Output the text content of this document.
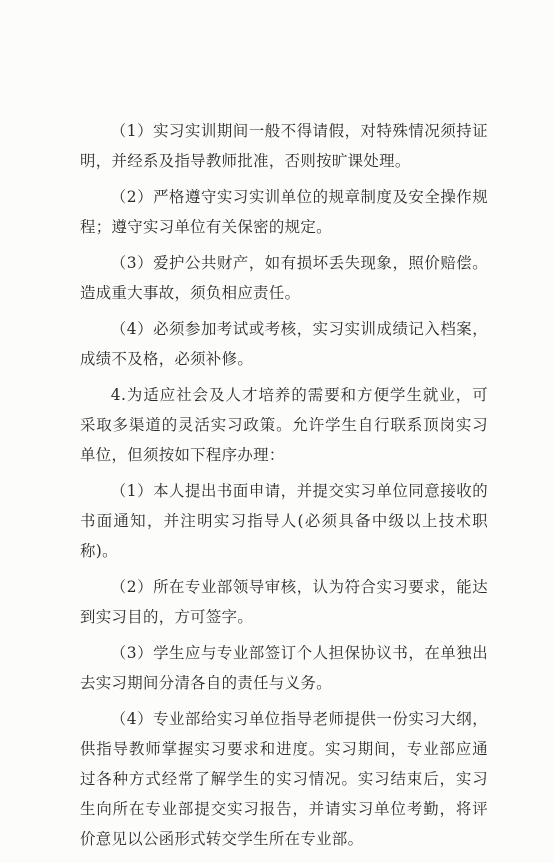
（1）实习实训期间一般不得请假，对特殊情况须持证明，并经系及指导教师批准，否则按旷课处理。

（2）严格遵守实习实训单位的规章制度及安全操作规程；遵守实习单位有关保密的规定。

（3）爱护公共财产，如有损坏丢失现象，照价赔偿。造成重大事故，须负相应责任。

（4）必须参加考试或考核，实习实训成绩记入档案，成绩不及格，必须补修。

4.为适应社会及人才培养的需要和方便学生就业，可采取多渠道的灵活实习政策。允许学生自行联系顶岗实习单位，但须按如下程序办理：

（1）本人提出书面申请，并提交实习单位同意接收的书面通知，并注明实习指导人(必须具备中级以上技术职称)。

（2）所在专业部领导审核，认为符合实习要求，能达到实习目的，方可签字。

（3）学生应与专业部签订个人担保协议书，在单独出去实习期间分清各自的责任与义务。

（4）专业部给实习单位指导老师提供一份实习大纲，供指导教师掌握实习要求和进度。实习期间，专业部应通过各种方式经常了解学生的实习情况。实习结束后，实习生向所在专业部提交实习报告，并请实习单位考勤，将评价意见以公函形式转交学生所在专业部。
